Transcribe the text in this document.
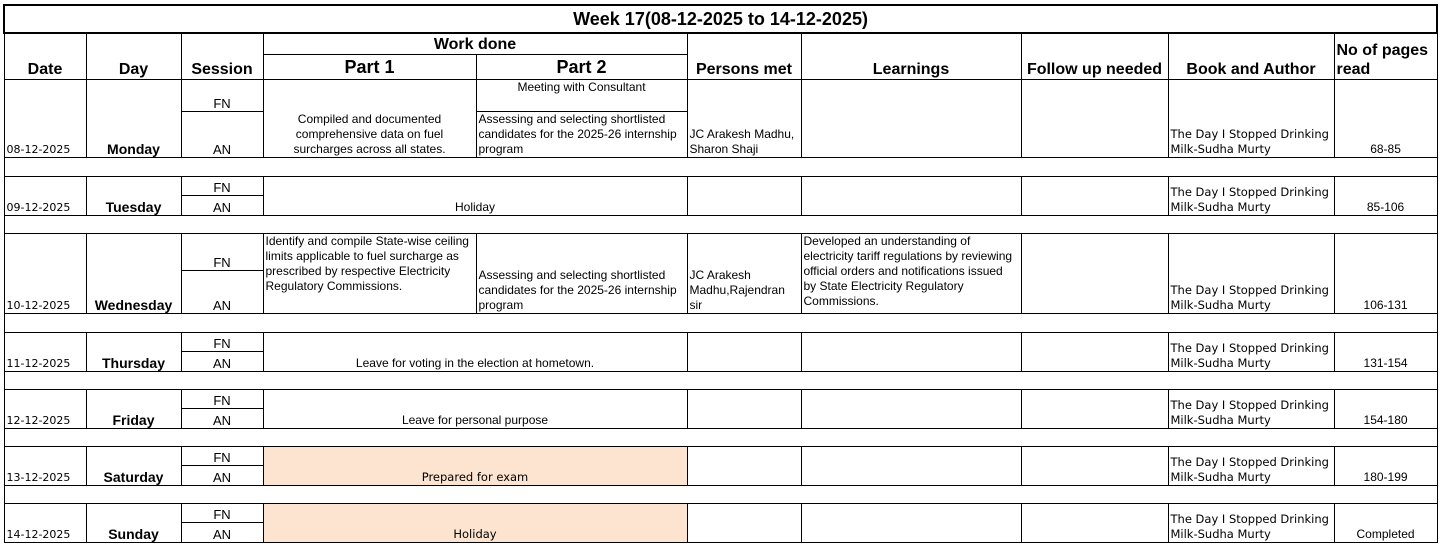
Week 17(08-12-2025 to 14-12-2025)									
Date	Day	Session	Work done		Persons met	Learnings	Follow up needed	Book and Author	No of pages read
			Part 1	Part 2					
08-12-2025	Monday	FN	Compiled and documented comprehensive data on fuel surcharges across all states.	Meeting with Consultant	JC Arakesh Madhu, Sharon Shaji			The Day I Stopped Drinking Milk-Sudha Murty	68-85
		AN		Assessing and selecting shortlisted candidates for the 2025-26 internship program					

09-12-2025	Tuesday	FN	Holiday					The Day I Stopped Drinking Milk-Sudha Murty	85-106
		AN							

10-12-2025	Wednesday	FN	Identify and compile State-wise ceiling limits applicable to fuel surcharge as prescribed by respective Electricity Regulatory Commissions.	Assessing and selecting shortlisted candidates for the 2025-26 internship program	JC Arakesh Madhu,Rajendran sir	Developed an understanding of electricity tariff regulations by reviewing official orders and notifications issued by State Electricity Regulatory Commissions.		The Day I Stopped Drinking Milk-Sudha Murty	106-131
		AN							

11-12-2025	Thursday	FN	Leave for voting in the election at hometown.					The Day I Stopped Drinking Milk-Sudha Murty	131-154
		AN							

12-12-2025	Friday	FN	Leave for personal purpose					The Day I Stopped Drinking Milk-Sudha Murty	154-180
		AN							

13-12-2025	Saturday	FN	Prepared for exam					The Day I Stopped Drinking Milk-Sudha Murty	180-199
		AN							

14-12-2025	Sunday	FN	Holiday					The Day I Stopped Drinking Milk-Sudha Murty	Completed
		AN							
